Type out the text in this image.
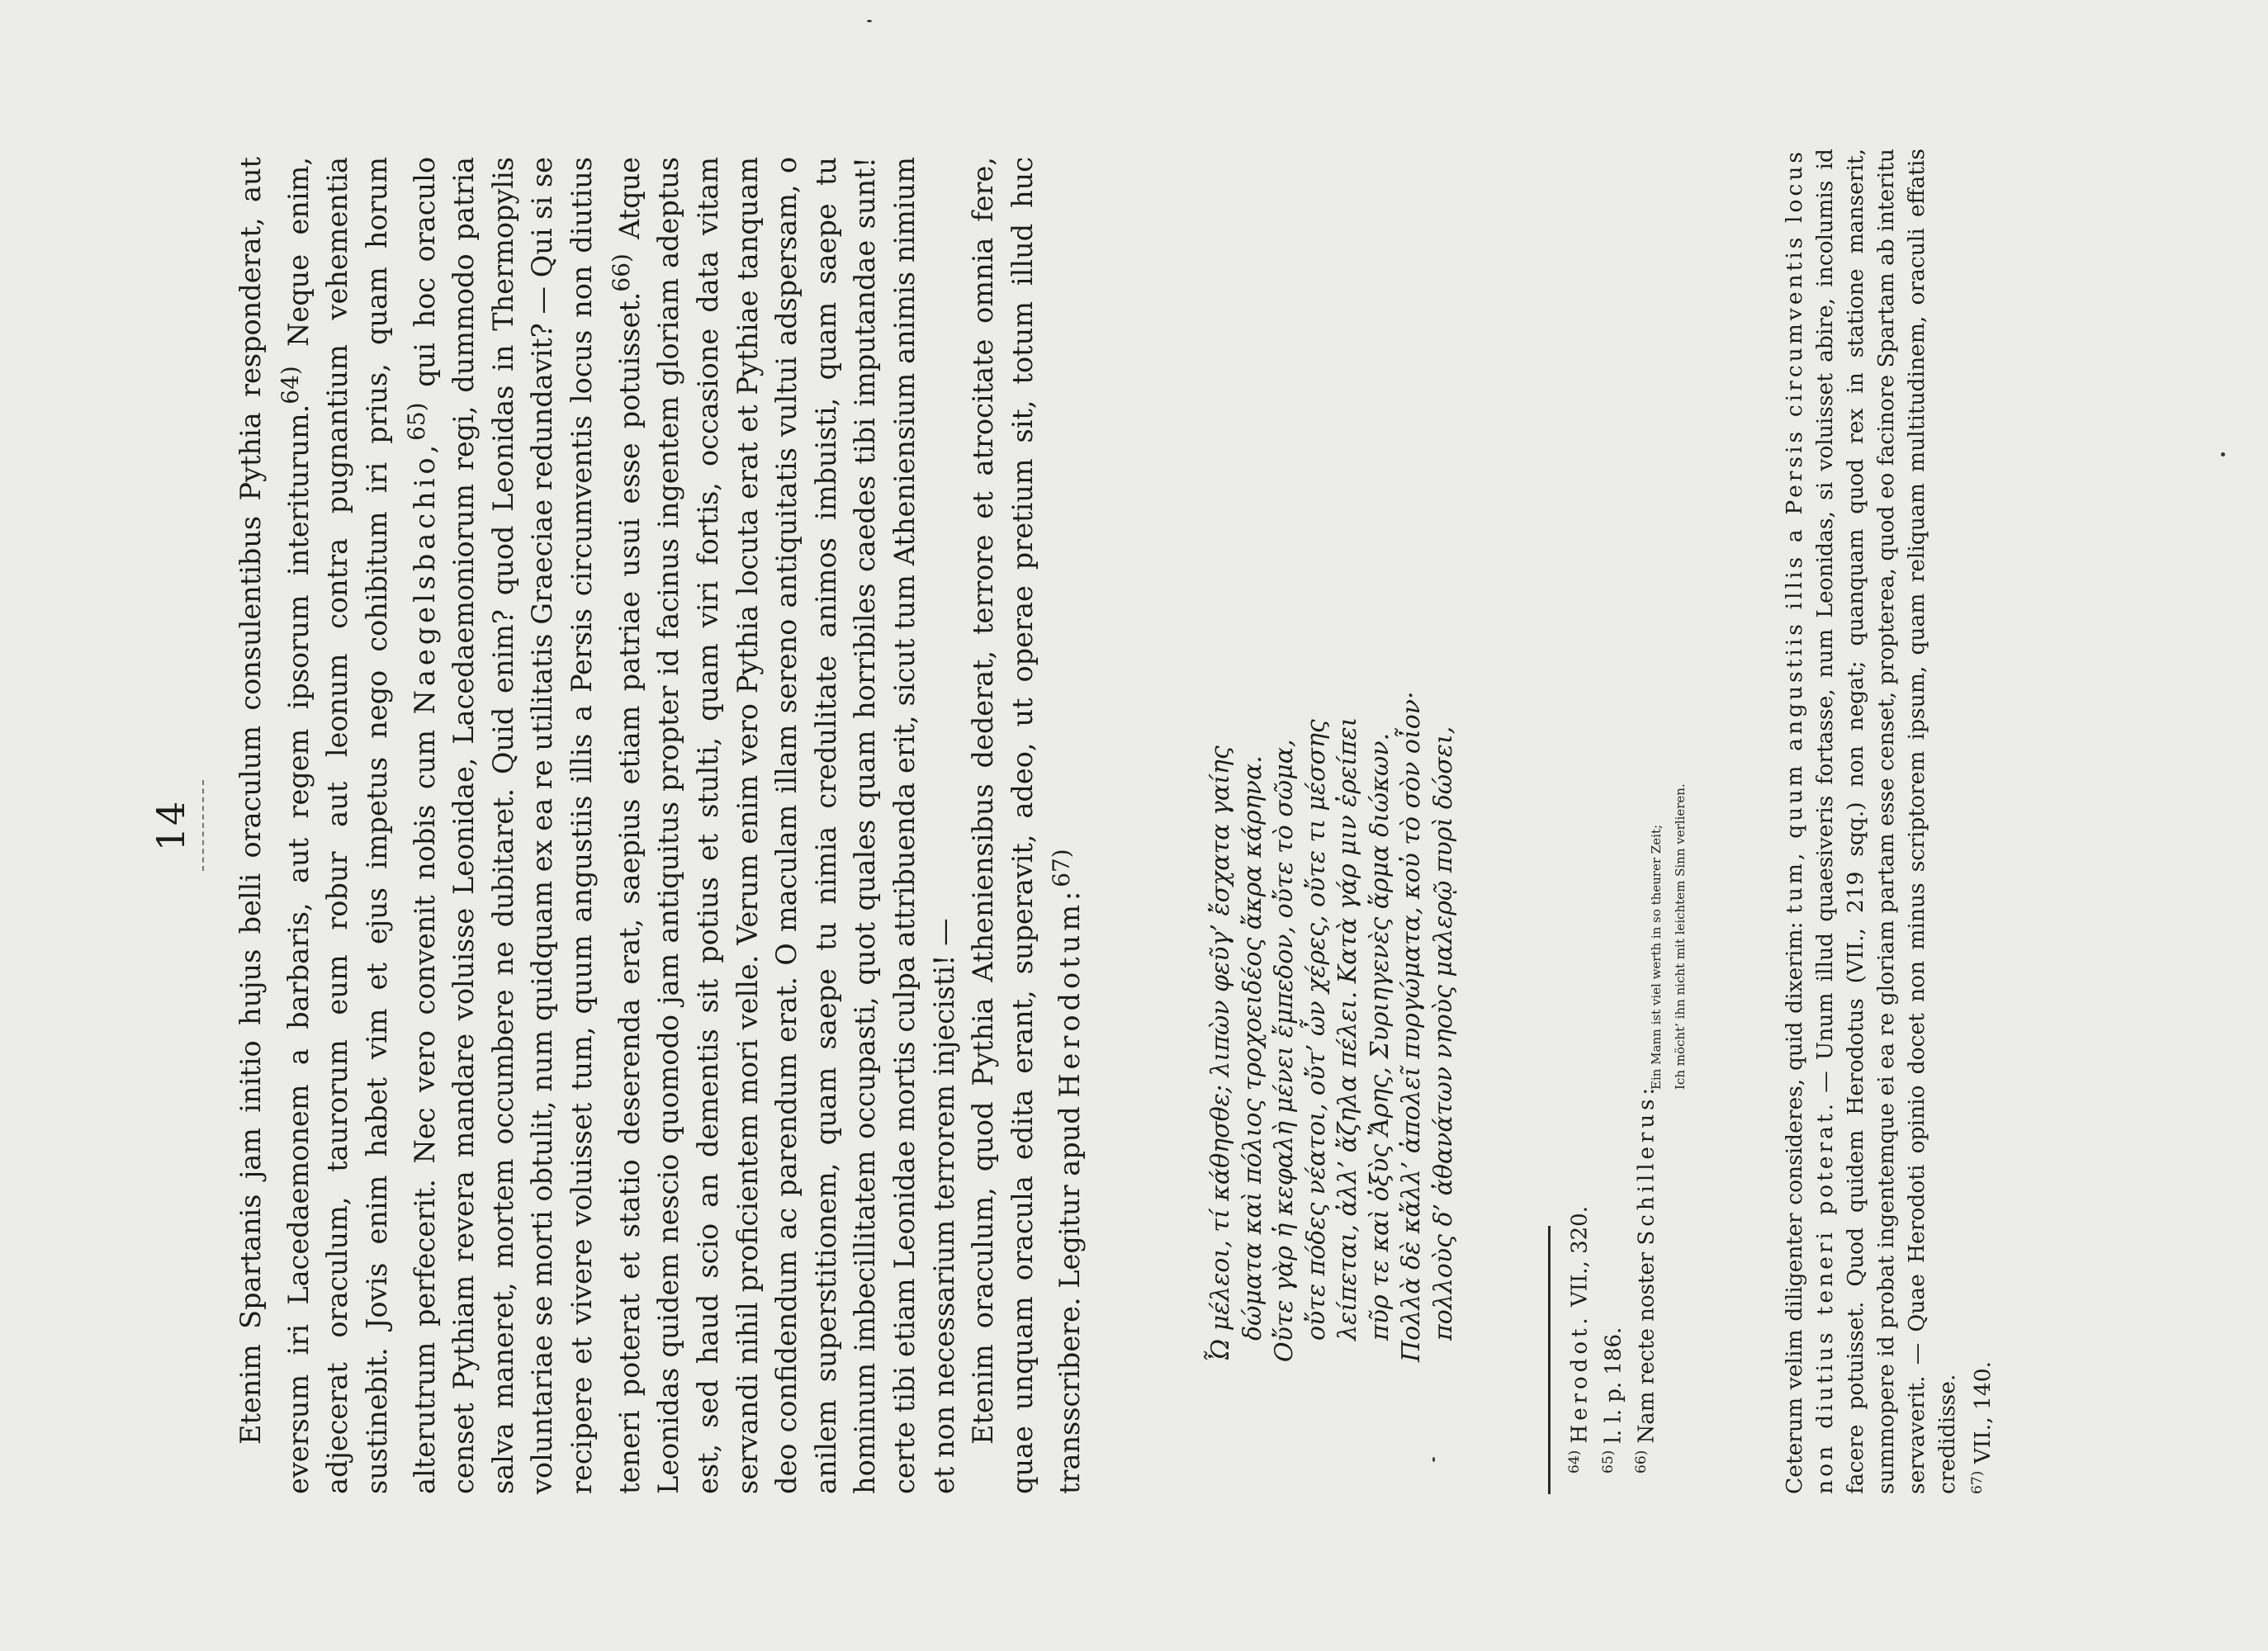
14 Etenim Spartanis jam initio hujus belli oraculum consulentibus Pythia responderat, aut eversum iri Lacedaemonem a barbaris, aut regem ipsorum interiturum.$^{64)}$ Neque enim, adjecerat oraculum, taurorum eum robur aut leonum contra pugnantium vehementia sustinebit. Jovis enim habet vim et ejus impetus nego cohibitum iri prius, quam horum alterutrum perfecerit. Nec vero convenit nobis cum Naegelsbachio,$^{65)}$ qui hoc oraculo censet Pythiam revera mandare voluisse Leonidae, Lacedaemoniorum regi, dummodo patria salva maneret, mortem occumbere ne dubitaret. Quid enim? quod Leonidas in Thermopylis voluntariae se morti obtulit, num quidquam ex ea re utilitatis Graeciae redundavit? — Qui si se recipere et vivere voluisset tum, quum angustiis illis a Persis circumventis locus non diutius teneri poterat et statio deserenda erat, saepius etiam patriae usui esse potuisset.$^{66)}$ Atque Leonidas quidem nescio quomodo jam antiquitus propter id facinus ingentem gloriam adeptus est, sed haud scio an dementis sit potius et stulti, quam viri fortis, occasione data vitam servandi nihil proficientem mori velle. Verum enim vero Pythia locuta erat et Pythiae tanquam deo confidendum ac parendum erat. O maculam illam sereno antiquitatis vultui adspersam, o anilem superstitionem, quam saepe tu nimia credulitate animos imbuisti, quam saepe tu hominum imbecillitatem occupasti, quot quales quam horribiles caedes tibi imputandae sunt! certe tibi etiam Leonidae mortis culpa attribuenda erit, sicut tum Atheniensium animis nimium et non necessarium terrorem injecisti! — Etenim oraculum, quod Pythia Atheniensibus dederat, terrore et atrocitate omnia fere, quae unquam oracula edita erant, superavit, adeo, ut operae pretium sit, totum illud huc transscribere. Legitur apud Herodotum:$^{67)}$	Ὦ μέλεοι, τί κάθησθε; λιπὼν φεῦγ’ ἔσχατα γαίης δώματα καὶ πόλιος τροχοειδέος ἄκρα κάρηνα. Οὔτε γὰρ ἡ κεφαλὴ μένει ἔμπεδον, οὔτε τὸ σῶμα, οὔτε πόδες νέατοι, οὔτ’ ὦν χέρες, οὔτε τι μέσσης λείπεται, ἀλλ’ ἄζηλα πέλει. Κατὰ γάρ μιν ἐρείπει πῦρ τε καὶ ὀξὺς Ἄρης, Συριηγενὲς ἅρμα διώκων. Πολλὰ δὲ κἄλλ’ ἀπολεῖ πυργώματα, κοὐ τὸ σὸν οἶον· πολλοὺς δ’ ἀθανάτων νηοὺς μαλερῷ πυρὶ δώσει,
$^{64)}$ Herodot. VII., 320.
$^{65)}$ l. l. p. 186.
$^{66)}$ Nam recte noster Schillerus:
Ein Mann ist viel werth in so theurer Zeit; Ich möcht’ ihn nicht mit leichtem Sinn verlieren.	Ceterum velim diligenter consideres, quid dixerim: tum, quum angustiis illis a Persis circumventis locus non diutius teneri poterat. — Unum illud quaesiveris fortasse, num Leonidas, si voluisset abire, incolumis id facere potuisset. Quod quidem Herodotus (VII., 219 sqq.) non negat; quanquam quod rex in statione manserit, summopere id probat ingentemque ei ea re gloriam partam esse censet, propterea, quod eo facinore Spartam ab interitu servaverit. — Quae Herodoti opinio docet non minus scriptorem ipsum, quam reliquam multitudinem, oraculi effatis credidisse. $^{67)}$ VII., 140.
